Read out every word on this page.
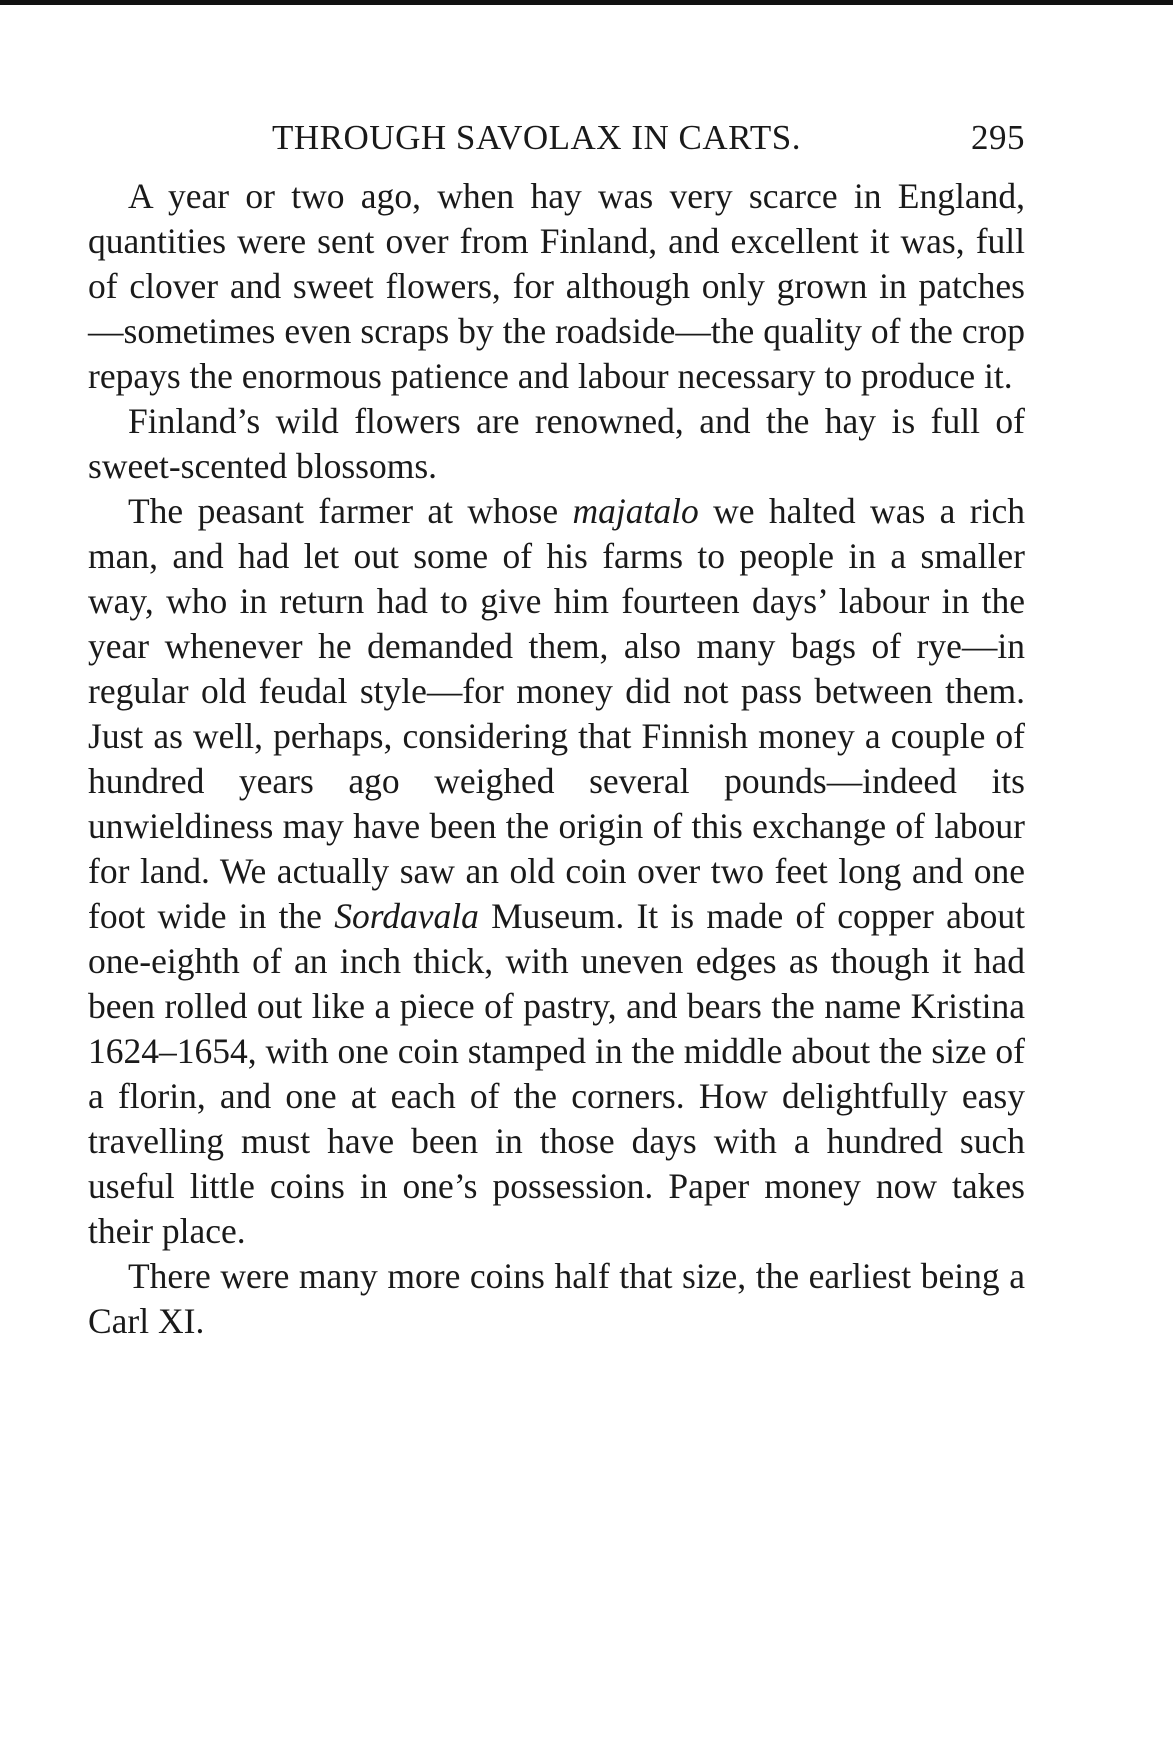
THROUGH SAVOLAX IN CARTS.	295

A year or two ago, when hay was very scarce in England, quantities were sent over from Finland, and excellent it was, full of clover and sweet flowers, for although only grown in patches—sometimes even scraps by the roadside—the quality of the crop repays the enormous patience and labour necessary to produce it.

Finland’s wild flowers are renowned, and the hay is full of sweet-scented blossoms.

The peasant farmer at whose majatalo we halted was a rich man, and had let out some of his farms to people in a smaller way, who in return had to give him fourteen days’ labour in the year whenever he demanded them, also many bags of rye—in regular old feudal style—for money did not pass between them. Just as well, perhaps, considering that Finnish money a couple of hundred years ago weighed several pounds—indeed its unwieldiness may have been the origin of this exchange of labour for land. We actually saw an old coin over two feet long and one foot wide in the Sordavala Museum. It is made of copper about one-eighth of an inch thick, with uneven edges as though it had been rolled out like a piece of pastry, and bears the name Kristina 1624–1654, with one coin stamped in the middle about the size of a florin, and one at each of the corners. How delightfully easy travelling must have been in those days with a hundred such useful little coins in one’s possession. Paper money now takes their place.

There were many more coins half that size, the earliest being a Carl XI.
